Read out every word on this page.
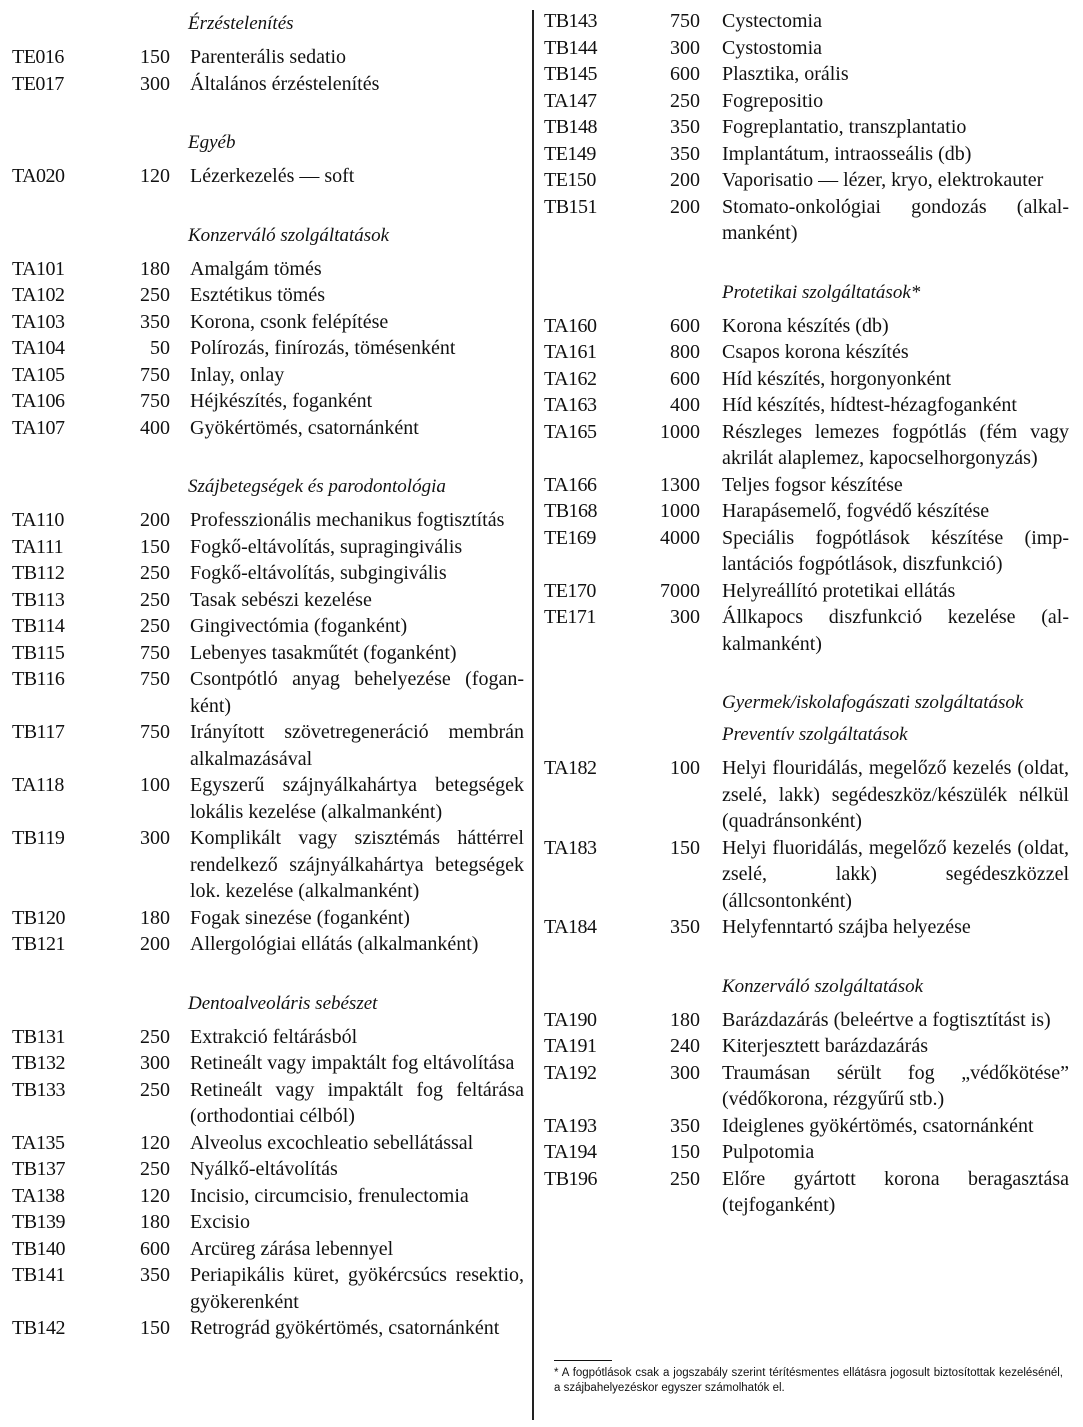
Érzéstelenítés
TE016	150 Parenterális sedatio
TE017	300 Általános érzéstelenítés
Egyéb
TA020	120 Lézerkezelés — soft
Konzerváló szolgáltatások
TA101	180 Amalgám tömés
TA102	250 Esztétikus tömés
TA103	350 Korona, csonk felépítése
TA104	50 Polírozás, finírozás, tömésenként
TA105	750 Inlay, onlay
TA106	750 Héjkészítés, foganként
TA107	400 Gyökértömés, csatornánként
Szájbetegségek és parodontológia
TA110	200 Professzionális mechanikus fogtisztítás
TA111	150 Fogkő-eltávolítás, supragingivális
TB112	250 Fogkő-eltávolítás, subgingivális
TB113	250 Tasak sebészi kezelése
TB114	250 Gingivectómia (foganként)
TB115	750 Lebenyes tasakműtét (foganként)
TB116	750 Csontpótló anyag behelyezése (foganként)
TB117	750 Irányított szövetregeneráció membrán alkalmazásával
TA118	100 Egyszerű szájnyálkahártya betegségek lokális kezelése (alkalmanként)
TB119	300 Komplikált vagy szisztémás háttérrel rendelkező szájnyálkahártya betegségek lok. kezelése (alkalmanként)
TB120	180 Fogak sinezése (foganként)
TB121	200 Allergológiai ellátás (alkalmanként)
Dentoalveoláris sebészet
TB131	250 Extrakció feltárásból
TB132	300 Retineált vagy impaktált fog eltávolítása
TB133	250 Retineált vagy impaktált fog feltárása (orthodontiai célból)
TA135	120 Alveolus excochleatio sebellátással
TB137	250 Nyálkő-eltávolítás
TA138	120 Incisio, circumcisio, frenulectomia
TB139	180 Excisio
TB140	600 Arcüreg zárása lebennyel
TB141	350 Periapikális küret, gyökércsúcs resektio, gyökerenként
TB142	150 Retrográd gyökértömés, csatornánként
TB143	750 Cystectomia
TB144	300 Cystostomia
TB145	600 Plasztika, orális
TA147	250 Fogrepositio
TB148	350 Fogreplantatio, transzplantatio
TE149	350 Implantátum, intraosseális (db)
TE150	200 Vaporisatio — lézer, kryo, elektrokauter
TB151	200 Stomato-onkológiai gondozás (alkalmanként)
Protetikai szolgáltatások*
TA160	600 Korona készítés (db)
TA161	800 Csapos korona készítés
TA162	600 Híd készítés, horgonyonként
TA163	400 Híd készítés, hídtest-hézagfoganként
TA165	1000 Részleges lemezes fogpótlás (fém vagy akrilát alaplemez, kapocselhorgonyzás)
TA166	1300 Teljes fogsor készítése
TB168	1000 Harapásemelő, fogvédő készítése
TE169	4000 Speciális fogpótlások készítése (implantációs fogpótlások, diszfunkció)
TE170	7000 Helyreállító protetikai ellátás
TE171	300 Állkapocs diszfunkció kezelése (alkalmanként)
Gyermek/iskolafogászati szolgáltatások
Preventív szolgáltatások
TA182	100 Helyi flouridálás, megelőző kezelés (oldat, zselé, lakk) segédeszköz/készülék nélkül (quadránsonként)
TA183	150 Helyi fluoridálás, megelőző kezelés (oldat, zselé, lakk) segédeszközzel (állcsontonként)
TA184	350 Helyfenntartó szájba helyezése
Konzerváló szolgáltatások
TA190	180 Barázdazárás (beleértve a fogtisztítást is)
TA191	240 Kiterjesztett barázdazárás
TA192	300 Traumásan sérült fog „védőkötése” (védőkorona, rézgyűrű stb.)
TA193	350 Ideiglenes gyökértömés, csatornánként
TA194	150 Pulpotomia
TB196	250 Előre gyártott korona beragasztása (tejfoganként)
* A fogpótlások csak a jogszabály szerint térítésmentes ellátásra jogosult biztosítottak kezelésénél, a szájbahelyezéskor egyszer számolhatók el.
